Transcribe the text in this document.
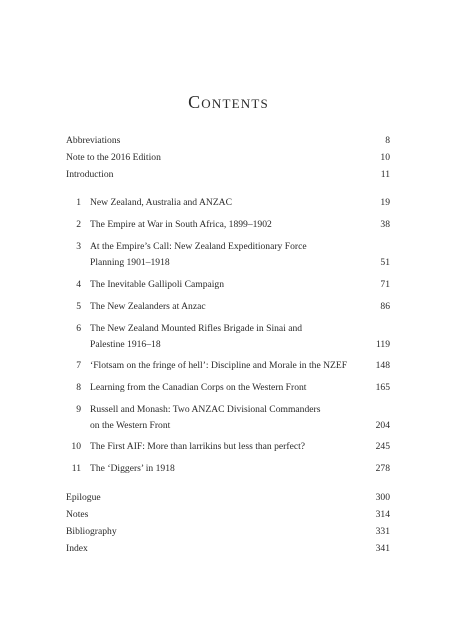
Contents
Abbreviations	8
Note to the 2016 Edition	10
Introduction	11
1 New Zealand, Australia and ANZAC	19
2 The Empire at War in South Africa, 1899–1902	38
3 At the Empire’s Call: New Zealand Expeditionary Force
Planning 1901–1918	51
4 The Inevitable Gallipoli Campaign	71
5 The New Zealanders at Anzac	86
6 The New Zealand Mounted Rifles Brigade in Sinai and
Palestine 1916–18	119
7 ‘Flotsam on the fringe of hell’: Discipline and Morale in the NZEF	148
8 Learning from the Canadian Corps on the Western Front	165
9 Russell and Monash: Two ANZAC Divisional Commanders
on the Western Front	204
10 The First AIF: More than larrikins but less than perfect?	245
11 The ‘Diggers’ in 1918	278
Epilogue	300
Notes	314
Bibliography	331
Index	341
